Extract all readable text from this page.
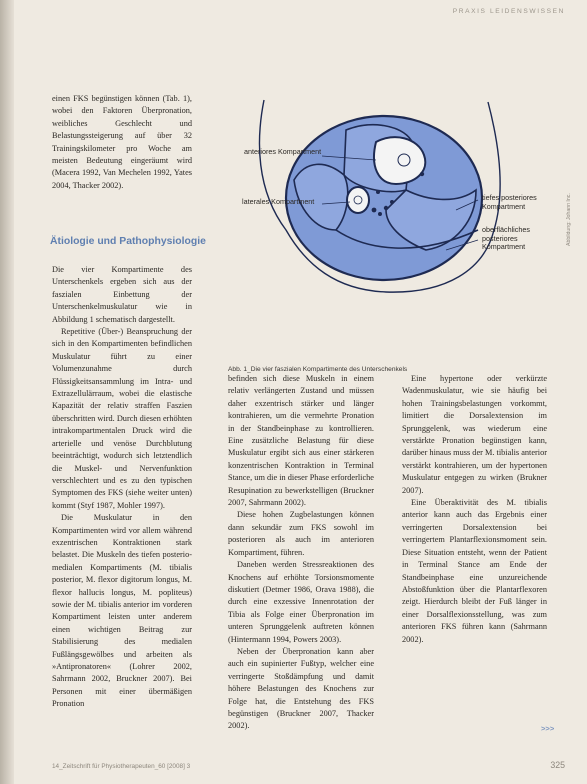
PRAXIS LEIDENSWISSEN

einen FKS begünstigen können (Tab. 1), wobei den Faktoren Überpronation, weibliches Geschlecht und Belastungssteigerung auf über 32 Trainingskilometer pro Woche am meisten Bedeutung eingeräumt wird (Macera 1992, Van Mechelen 1992, Yates 2004, Thacker 2002).

Ätiologie und Pathophysiologie

Die vier Kompartimente des Unterschenkels ergeben sich aus der faszialen Einbettung der Unterschenkelmuskulatur wie in Abbildung 1 schematisch dargestellt.

Repetitive (Über-) Beanspruchung der sich in den Kompartimenten befindlichen Muskulatur führt zu einer Volumenzunahme durch Flüssigkeitsansammlung im Intra- und Extrazellulärraum, wobei die elastische Kapazität der relativ straffen Faszien überschritten wird. Durch diesen erhöhten intrakompartmentalen Druck wird die arterielle und venöse Durchblutung beeinträchtigt, wodurch sich letztendlich die Muskel- und Nervenfunktion verschlechtert und es zu den typischen Symptomen des FKS (siehe weiter unten) kommt (Styf 1987, Mohler 1997).

Die Muskulatur in den Kompartimenten wird vor allem während exzentrischen Kontraktionen stark belastet. Die Muskeln des tiefen posterio-medialen Kompartiments (M. tibialis posterior, M. flexor digitorum longus, M. flexor hallucis longus, M. popliteus) sowie der M. tibialis anterior im vorderen Kompartiment leisten unter anderem einen wichtigen Beitrag zur Stabilisierung des medialen Fußlängsgewölbes und arbeiten als »Antipronatoren« (Lohrer 2002, Sahrmann 2002, Bruckner 2007). Bei Personen mit einer übermäßigen Pronation

anteriores Kompartment
laterales Kompartment	tiefes posteriores Kompartment
oberflächliches posteriores Kompartment
Abbildung: Johann Inc.
Abb. 1_Die vier faszialen Kompartimente des Unterschenkels

befinden sich diese Muskeln in einem relativ verlängerten Zustand und müssen daher exzentrisch stärker und länger kontrahieren, um die vermehrte Pronation in der Standbeinphase zu kontrollieren. Eine zusätzliche Belastung für diese Muskulatur ergibt sich aus einer stärkeren konzentrischen Kontraktion in Terminal Stance, um die in dieser Phase erforderliche Resupination zu bewerkstelligen (Bruckner 2007, Sahrmann 2002).

Diese hohen Zugbelastungen können dann sekundär zum FKS sowohl im posterioren als auch im anterioren Kompartiment, führen.

Daneben werden Stressreaktionen des Knochens auf erhöhte Torsionsmomente diskutiert (Detmer 1986, Orava 1988), die durch eine exzessive Innenrotation der Tibia als Folge einer Überpronation im unteren Sprunggelenk auftreten können (Hintermann 1994, Powers 2003).

Neben der Überpronation kann aber auch ein supinierter Fußtyp, welcher eine verringerte Stoßdämpfung und damit höhere Belastungen des Knochens zur Folge hat, die Entstehung des FKS begünstigen (Bruckner 2007, Thacker 2002).

Eine hypertone oder verkürzte Wadenmuskulatur, wie sie häufig bei hohen Trainingsbelastungen vorkommt, limitiert die Dorsalextension im Sprunggelenk, was wiederum eine verstärkte Pronation begünstigen kann, darüber hinaus muss der M. tibialis anterior verstärkt kontrahieren, um der hypertonen Muskulatur entgegen zu wirken (Brukner 2007).

Eine Überaktivität des M. tibialis anterior kann auch das Ergebnis einer verringerten Dorsalextension bei verringertem Plantarflexionsmoment sein. Diese Situation entsteht, wenn der Patient in Terminal Stance am Ende der Standbeinphase eine unzureichende Abstoßfunktion über die Plantarflexoren zeigt. Hierdurch bleibt der Fuß länger in einer Dorsalflexionsstellung, was zum anterioren FKS führen kann (Sahrmann 2002).

>>>
14_Zeitschrift für Physiotherapeuten_60 [2008] 3	325
